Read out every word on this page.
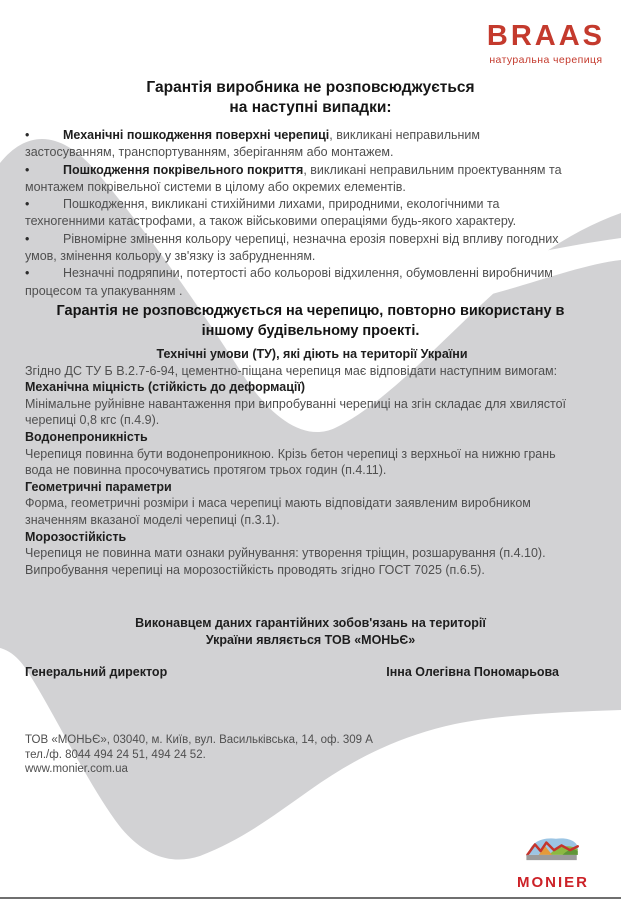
BRAAS
натуральна черепиця
Гарантія виробника не розповсюджується
на наступні випадки:

•	Механічні пошкодження поверхні черепиці, викликані неправильним застосуванням, транспортуванням, зберіганням або монтажем.

•	Пошкодження покрівельного покриття, викликані неправильним проектуванням та монтажем покрівельної системи в цілому або окремих елементів.

•	Пошкодження, викликані стихійними лихами, природними, екологічними та техногенними катастрофами, а також військовими операціями будь-якого характеру.

•	Рівномірне змінення кольору черепиці, незначна ерозія поверхні від впливу погодних умов, змінення кольору у зв'язку із забрудненням.

•	Незначні подряпини, потертості або кольорові відхилення, обумовленні виробничим процесом та упакуванням .

Гарантія не розповсюджується на черепицю, повторно використану в
іншому будівельному проекті.

Технічні умови (ТУ), які діють на території України

Згідно ДС ТУ Б В.2.7-6-94, цементно-піщана черепиця має відповідати наступним вимогам:

Механічна міцність (стійкість до деформації)

Мінімальне руйнівне навантаження при випробуванні черепиці на згін складає для хвилястої черепиці 0,8 кгс (п.4.9).

Водонепроникність

Черепиця повинна бути водонепроникною. Крізь бетон черепиці з верхньої на нижню грань вода не повинна просочуватись протягом трьох годин (п.4.11).

Геометричні параметри

Форма, геометричні розміри і маса черепиці мають відповідати заявленим виробником значенням вказаної моделі черепиці (п.3.1).

Морозостійкість

Черепиця не повинна мати ознаки руйнування: утворення тріщин, розшарування (п.4.10).

Випробування черепиці на морозостійкість проводять згідно ГОСТ 7025 (п.6.5).

Виконавцем даних гарантійних зобов'язань на території
України являється ТОВ «МОНЬЄ»
Генеральний директор	Інна Олегівна Пономарьова
ТОВ «МОНЬЄ», 03040, м. Київ, вул. Васильківська, 14, оф. 309 А
тел./ф. 8044 494 24 51, 494 24 52.
www.monier.com.ua
MONIER
